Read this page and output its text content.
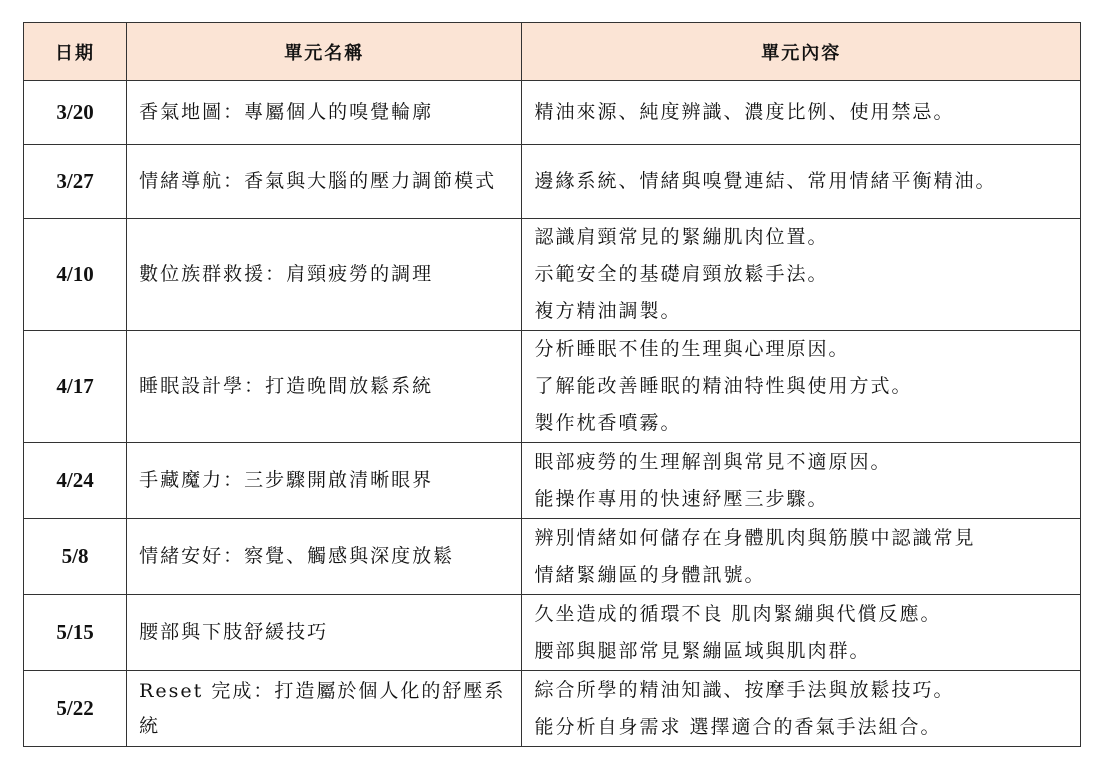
日期	單元名稱	單元內容
3/20	香氣地圖：專屬個人的嗅覺輪廓	精油來源、純度辨識、濃度比例、使用禁忌。

3/27	情緒導航：香氣與大腦的壓力調節模式	邊緣系統、情緒與嗅覺連結、常用情緒平衡精油。

4/10	數位族群救援：肩頸疲勞的調理	認識肩頸常見的緊繃肌肉位置。
示範安全的基礎肩頸放鬆手法。
複方精油調製。

4/17	睡眠設計學：打造晚間放鬆系統	分析睡眠不佳的生理與心理原因。
了解能改善睡眠的精油特性與使用方式。
製作枕香噴霧。

4/24	手藏魔力：三步驟開啟清晰眼界	眼部疲勞的生理解剖與常見不適原因。
能操作專用的快速紓壓三步驟。

5/8	情緒安好：察覺、觸感與深度放鬆	辨別情緒如何儲存在身體肌肉與筋膜中認識常見
情緒緊繃區的身體訊號。

5/15	腰部與下肢舒緩技巧	久坐造成的循環不良 肌肉緊繃與代償反應。
腰部與腿部常見緊繃區域與肌肉群。

5/22	Reset 完成：打造屬於個人化的舒壓系統	綜合所學的精油知識、按摩手法與放鬆技巧。
能分析自身需求 選擇適合的香氣手法組合。
